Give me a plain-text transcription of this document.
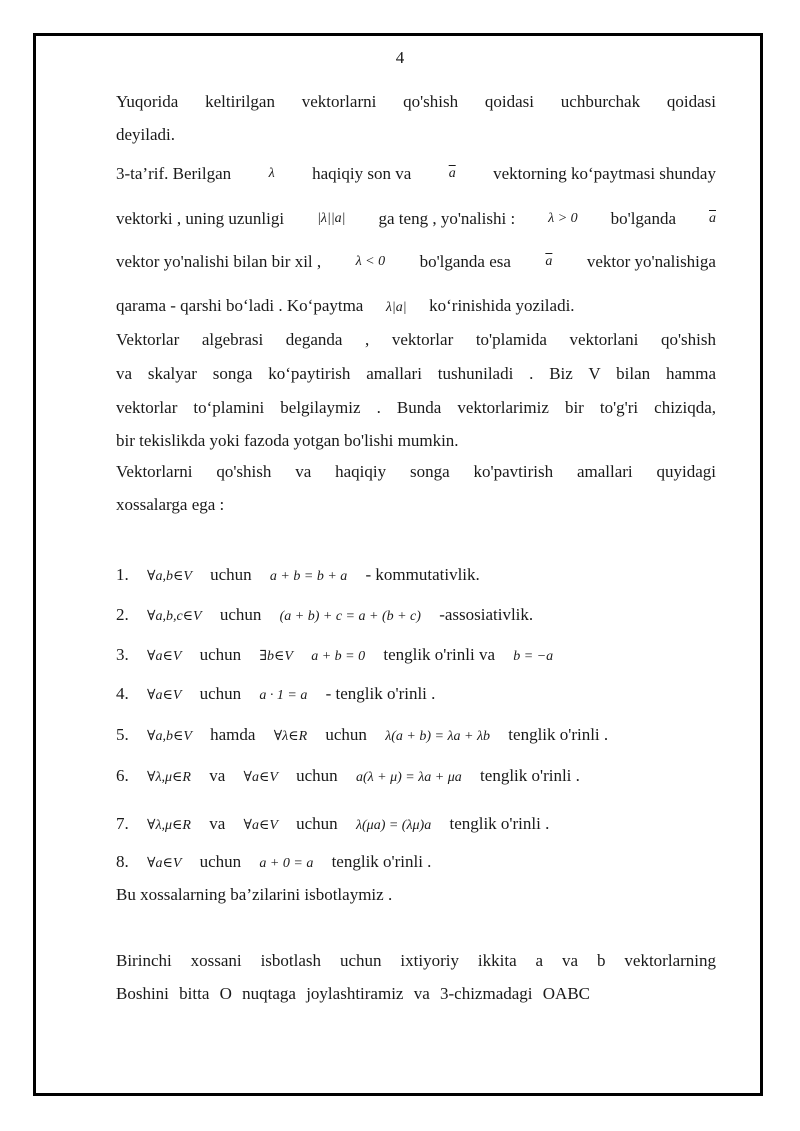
4
Yuqorida keltirilgan vektorlarni qo'shish qoidasi uchburchak qoidasi
deyiladi.
3-ta’rif. Berilgan	λ haqiqiy son va	$\overline{a}$ vektorning ko‘paytmasi shunday
vektorki , uning uzunligi |λ||a| ga teng , yo'nalishi : λ > 0 bo'lganda $\overline{a}$
vektor yo'nalishi bilan bir xil , λ < 0 bo'lganda esa $\overline{a}$ vektor yo'nalishiga
qarama - qarshi bo‘ladi . Ko‘paytma λ|a| ko‘rinishida yoziladi.
Vektorlar algebrasi deganda , vektorlar to'plamida vektorlani qo'shish
va skalyar songa ko‘paytirish amallari tushuniladi . Biz V bilan hamma
vektorlar to‘plamini belgilaymiz . Bunda vektorlarimiz bir to'g'ri chiziqda,
bir tekislikda yoki fazoda yotgan bo'lishi mumkin.
Vektorlarni qo'shish va haqiqiy songa ko'pavtirish amallari quyidagi
xossalarga ega :
1. ∀a,b∈V uchun a + b = b + a - kommutativlik.
2. ∀a,b,c∈V uchun (a + b) + c = a + (b + c) -assosiativlik.
3. ∀a∈V uchun ∃b∈V a + b = 0 tenglik o'rinli va b = −a
4. ∀a∈V uchun a · 1 = a - tenglik o'rinli .
5. ∀a,b∈V hamda ∀λ∈R uchun λ(a + b) = λa + λb tenglik o'rinli .
6. ∀λ,μ∈R va ∀a∈V uchun a(λ + μ) = λa + μa tenglik o'rinli .
7. ∀λ,μ∈R va ∀a∈V uchun λ(μa) = (λμ)a tenglik o'rinli .
8. ∀a∈V uchun a + 0 = a tenglik o'rinli .
Bu xossalarning ba’zilarini isbotlaymiz .
Birinchi xossani isbotlash uchun ixtiyoriy ikkita a va b vektorlarning
Boshini bitta O nuqtaga joylashtiramiz va 3-chizmadagi OABC
